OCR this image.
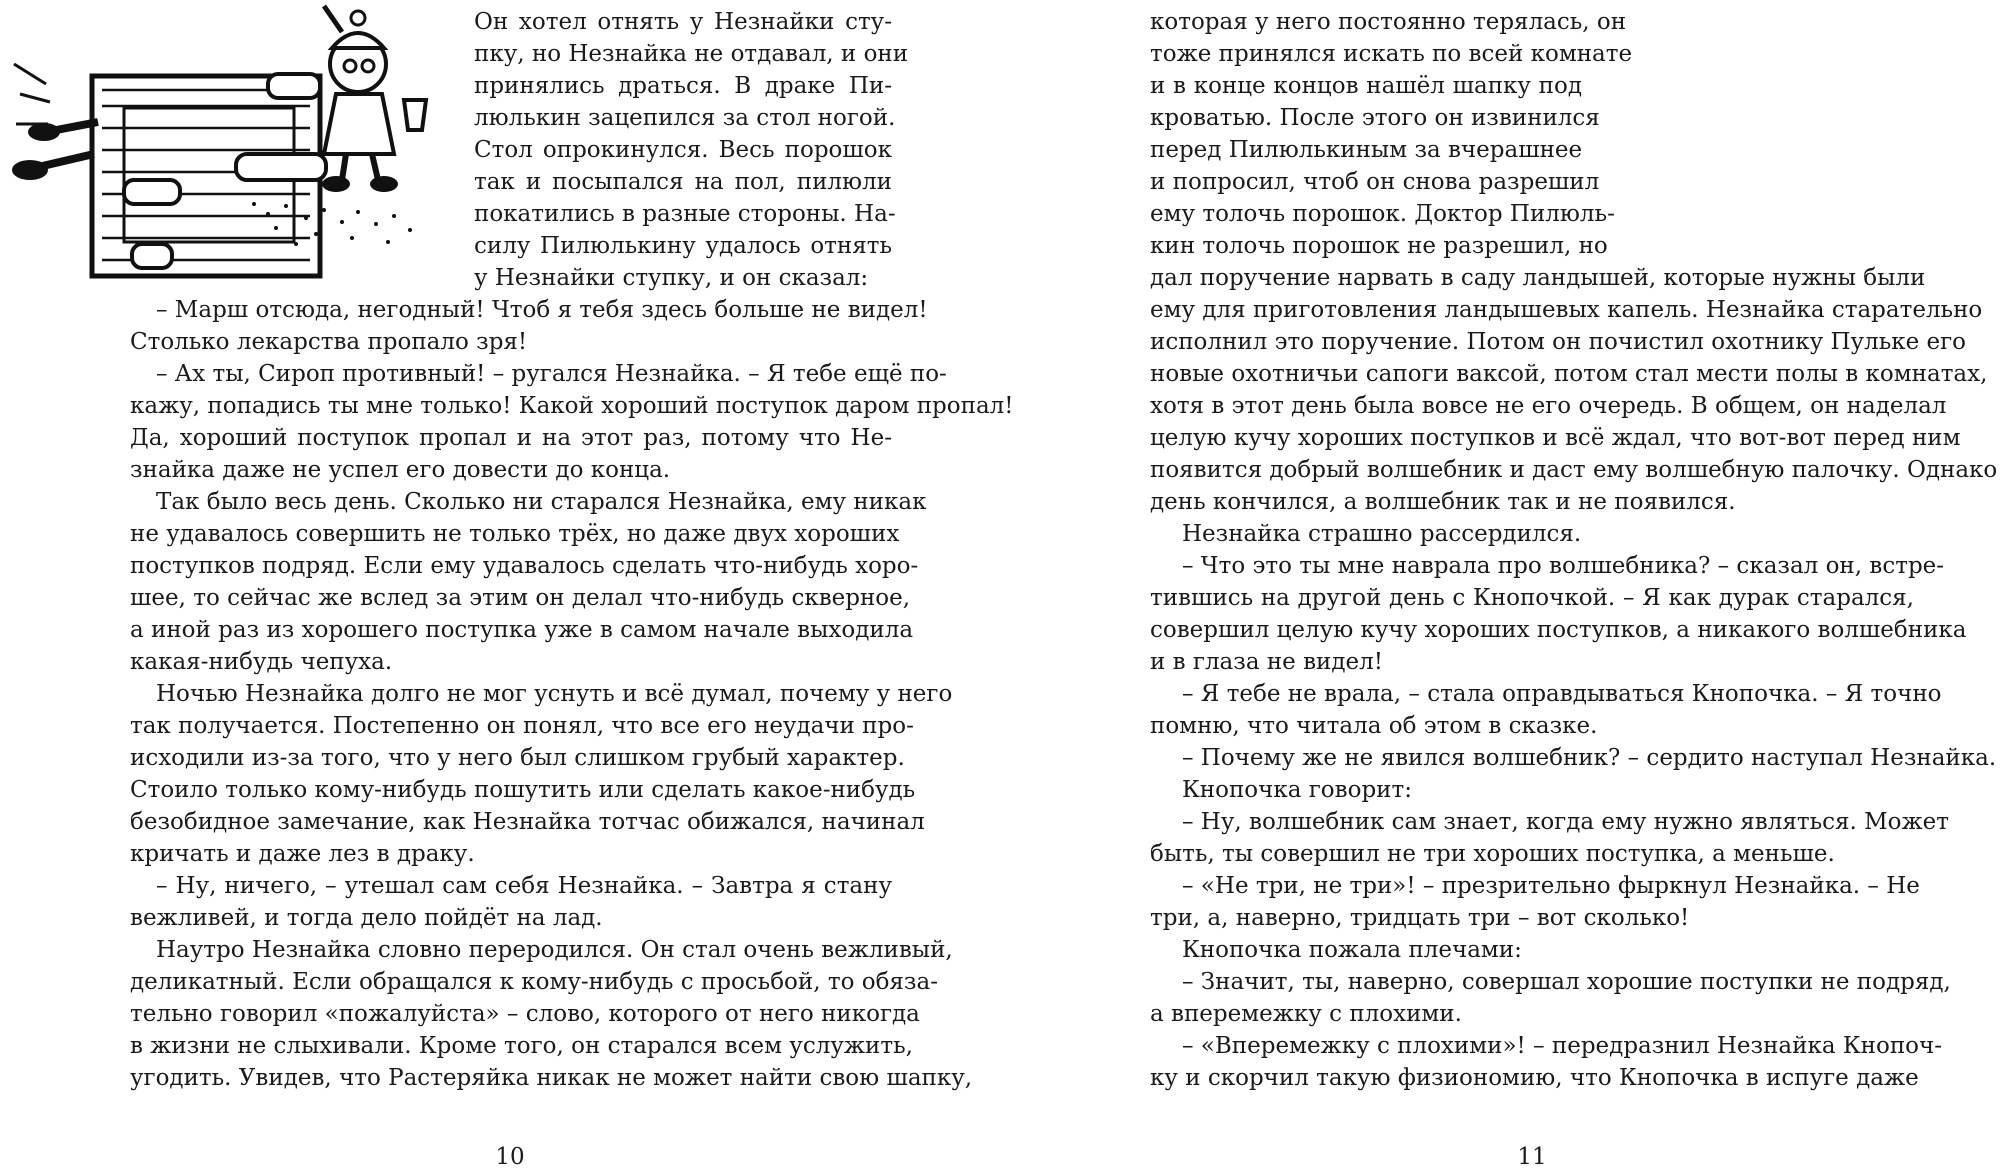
Он хотел отнять у Незнайки сту-
пку, но Незнайка не отдавал, и они
принялись драться. В драке Пи-
люлькин зацепился за стол ногой.
Стол опрокинулся. Весь порошок
так и посыпался на пол, пилюли
покатились в разные стороны. На-
силу Пилюлькину удалось отнять
у Незнайки ступку, и он сказал:
– Марш отсюда, негодный! Чтоб я тебя здесь больше не видел!
Столько лекарства пропало зря!
– Ах ты, Сироп противный! – ругался Незнайка. – Я тебе ещё по-
кажу, попадись ты мне только! Какой хороший поступок даром пропал!
Да, хороший поступок пропал и на этот раз, потому что Не-
знайка даже не успел его довести до конца.
Так было весь день. Сколько ни старался Незнайка, ему никак
не удавалось совершить не только трёх, но даже двух хороших
поступков подряд. Если ему удавалось сделать что-нибудь хоро-
шее, то сейчас же вслед за этим он делал что-нибудь скверное,
а иной раз из хорошего поступка уже в самом начале выходила
какая-нибудь чепуха.
Ночью Незнайка долго не мог уснуть и всё думал, почему у него
так получается. Постепенно он понял, что все его неудачи про-
исходили из-за того, что у него был слишком грубый характер.
Стоило только кому-нибудь пошутить или сделать какое-нибудь
безобидное замечание, как Незнайка тотчас обижался, начинал
кричать и даже лез в драку.
– Ну, ничего, – утешал сам себя Незнайка. – Завтра я стану
вежливей, и тогда дело пойдёт на лад.
Наутро Незнайка словно переродился. Он стал очень вежливый,
деликатный. Если обращался к кому-нибудь с просьбой, то обяза-
тельно говорил «пожалуйста» – слово, которого от него никогда
в жизни не слыхивали. Кроме того, он старался всем услужить,
угодить. Увидев, что Растеряйка никак не может найти свою шапку,
10
которая у него постоянно терялась, он
тоже принялся искать по всей комнате
и в конце концов нашёл шапку под
кроватью. После этого он извинился
перед Пилюлькиным за вчерашнее
и попросил, чтоб он снова разрешил
ему толочь порошок. Доктор Пилюль-
кин толочь порошок не разрешил, но
дал поручение нарвать в саду ландышей, которые нужны были
ему для приготовления ландышевых капель. Незнайка старательно
исполнил это поручение. Потом он почистил охотнику Пульке его
новые охотничьи сапоги ваксой, потом стал мести полы в комнатах,
хотя в этот день была вовсе не его очередь. В общем, он наделал
целую кучу хороших поступков и всё ждал, что вот-вот перед ним
появится добрый волшебник и даст ему волшебную палочку. Однако
день кончился, а волшебник так и не появился.
Незнайка страшно рассердился.
– Что это ты мне наврала про волшебника? – сказал он, встре-
тившись на другой день с Кнопочкой. – Я как дурак старался,
совершил целую кучу хороших поступков, а никакого волшебника
и в глаза не видел!
– Я тебе не врала, – стала оправдываться Кнопочка. – Я точно
помню, что читала об этом в сказке.
– Почему же не явился волшебник? – сердито наступал Незнайка.
Кнопочка говорит:
– Ну, волшебник сам знает, когда ему нужно являться. Может
быть, ты совершил не три хороших поступка, а меньше.
– «Не три, не три»! – презрительно фыркнул Незнайка. – Не
три, а, наверно, тридцать три – вот сколько!
Кнопочка пожала плечами:
– Значит, ты, наверно, совершал хорошие поступки не подряд,
а вперемежку с плохими.
– «Вперемежку с плохими»! – передразнил Незнайка Кнопоч-
ку и скорчил такую физиономию, что Кнопочка в испуге даже
11
